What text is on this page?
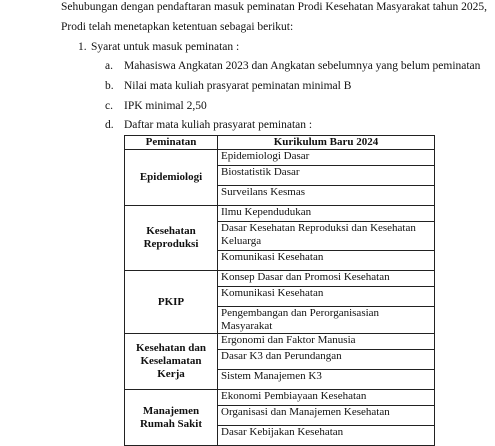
Sehubungan dengan pendaftaran masuk peminatan Prodi Kesehatan Masyarakat tahun 2025,
Prodi telah menetapkan ketentuan sebagai berikut:
1. Syarat untuk masuk peminatan :
a. Mahasiswa Angkatan 2023 dan Angkatan sebelumnya yang belum peminatan
b. Nilai mata kuliah prasyarat peminatan minimal B
c. IPK minimal 2,50
d. Daftar mata kuliah prasyarat peminatan :
Peminatan	Kurikulum Baru 2024
Epidemiologi	Epidemiologi Dasar
	Biostatistik Dasar
	Surveilans Kesmas
Kesehatan Reproduksi	Ilmu Kependudukan
	Dasar Kesehatan Reproduksi dan Kesehatan Keluarga
	Komunikasi Kesehatan
PKIP	Konsep Dasar dan Promosi Kesehatan
	Komunikasi Kesehatan
	Pengembangan dan Perorganisasian Masyarakat
Kesehatan dan Keselamatan Kerja	Ergonomi dan Faktor Manusia
	Dasar K3 dan Perundangan
	Sistem Manajemen K3
Manajemen Rumah Sakit	Ekonomi Pembiayaan Kesehatan
	Organisasi dan Manajemen Kesehatan
	Dasar Kebijakan Kesehatan
